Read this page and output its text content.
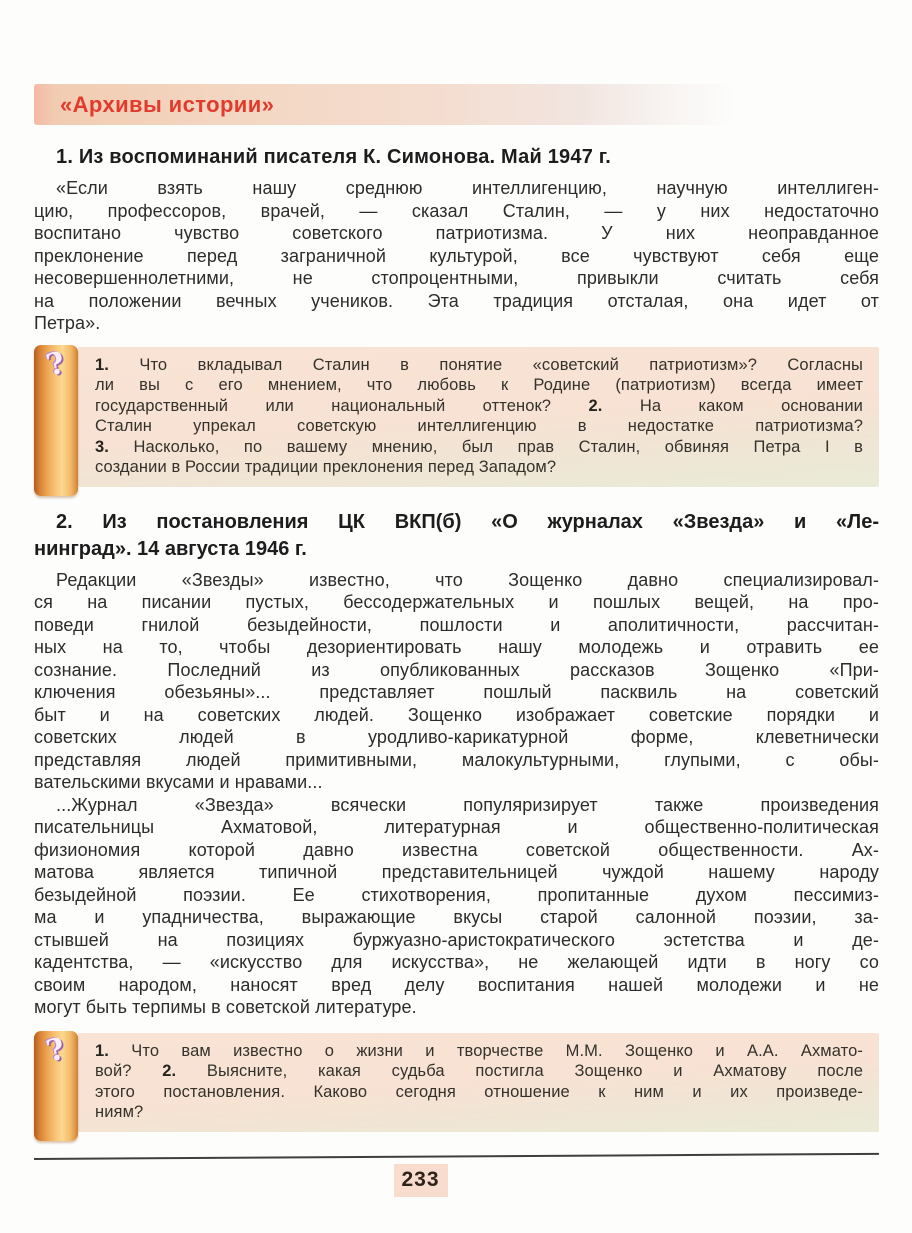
«Архивы истории»
1. Из воспоминаний писателя К. Симонова. Май 1947 г.
«Если взять нашу среднюю интеллигенцию, научную интеллиген-
цию, профессоров, врачей, — сказал Сталин, — у них недостаточно
воспитано чувство советского патриотизма. У них неоправданное
преклонение перед заграничной культурой, все чувствуют себя еще
несовершеннолетними, не стопроцентными, привыкли считать себя
на положении вечных учеников. Эта традиция отсталая, она идет от
Петра».
?	1. Что вкладывал Сталин в понятие «советский патриотизм»? Согласны
ли вы с его мнением, что любовь к Родине (патриотизм) всегда имеет
государственный или национальный оттенок? 2. На каком основании
Сталин упрекал советскую интеллигенцию в недостатке патриотизма?
3. Насколько, по вашему мнению, был прав Сталин, обвиняя Петра I в
создании в России традиции преклонения перед Западом?
2. Из постановления ЦК ВКП(б) «О журналах «Звезда» и «Ле-
нинград». 14 августа 1946 г.
Редакции «Звезды» известно, что Зощенко давно специализировал-
ся на писании пустых, бессодержательных и пошлых вещей, на про-
поведи гнилой безыдейности, пошлости и аполитичности, рассчитан-
ных на то, чтобы дезориентировать нашу молодежь и отравить ее
сознание. Последний из опубликованных рассказов Зощенко «При-
ключения обезьяны»... представляет пошлый пасквиль на советский
быт и на советских людей. Зощенко изображает советские порядки и
советских людей в уродливо-карикатурной форме, клеветнически
представляя людей примитивными, малокультурными, глупыми, с обы-
вательскими вкусами и нравами...
...Журнал «Звезда» всячески популяризирует также произведения
писательницы Ахматовой, литературная и общественно-политическая
физиономия которой давно известна советской общественности. Ах-
матова является типичной представительницей чуждой нашему народу
безыдейной поэзии. Ее стихотворения, пропитанные духом пессимиз-
ма и упадничества, выражающие вкусы старой салонной поэзии, за-
стывшей на позициях буржуазно-аристократического эстетства и де-
кадентства, — «искусство для искусства», не желающей идти в ногу со
своим народом, наносят вред делу воспитания нашей молодежи и не
могут быть терпимы в советской литературе.
?	1. Что вам известно о жизни и творчестве М.М. Зощенко и А.А. Ахмато-
вой? 2. Выясните, какая судьба постигла Зощенко и Ахматову после
этого постановления. Каково сегодня отношение к ним и их произведе-
ниям?
233
